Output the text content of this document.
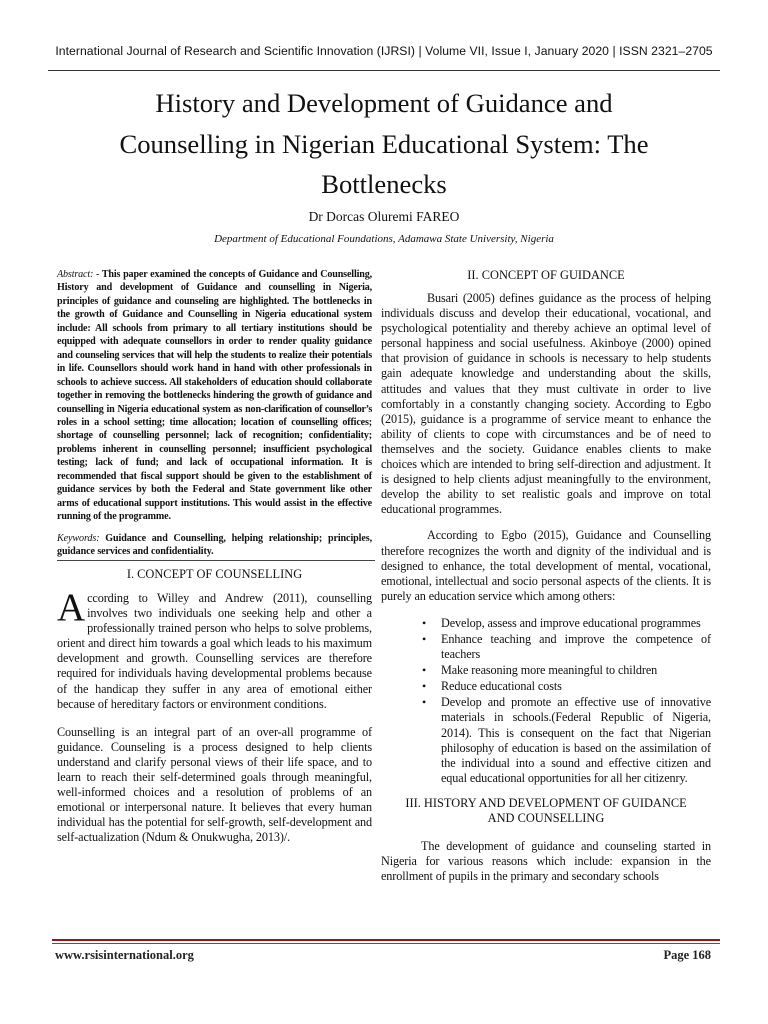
International Journal of Research and Scientific Innovation (IJRSI) | Volume VII, Issue I, January 2020 | ISSN 2321–2705
History and Development of Guidance and
Counselling in Nigerian Educational System: The
Bottlenecks
Dr Dorcas Oluremi FAREO
Department of Educational Foundations, Adamawa State University, Nigeria

Abstract: - This paper examined the concepts of Guidance and Counselling, History and development of Guidance and counselling in Nigeria, principles of guidance and counseling are highlighted. The bottlenecks in the growth of Guidance and Counselling in Nigeria educational system include: All schools from primary to all tertiary institutions should be equipped with adequate counsellors in order to render quality guidance and counseling services that will help the students to realize their potentials in life. Counsellors should work hand in hand with other professionals in schools to achieve success. All stakeholders of education should collaborate together in removing the bottlenecks hindering the growth of guidance and counselling in Nigeria educational system as non-clarification of counsellor’s roles in a school setting; time allocation; location of counselling offices; shortage of counselling personnel; lack of recognition; confidentiality; problems inherent in counselling personnel; insufficient psychological testing; lack of fund; and lack of occupational information. It is recommended that fiscal support should be given to the establishment of guidance services by both the Federal and State government like other arms of educational support institutions. This would assist in the effective running of the programme.

Keywords: Guidance and Counselling, helping relationship; principles, guidance services and confidentiality.

I. CONCEPT OF COUNSELLING

According to Willey and Andrew (2011), counselling involves two individuals one seeking help and other a professionally trained person who helps to solve problems, orient and direct him towards a goal which leads to his maximum development and growth. Counselling services are therefore required for individuals having developmental problems because of the handicap they suffer in any area of emotional either because of hereditary factors or environment conditions.

Counselling is an integral part of an over-all programme of guidance. Counseling is a process designed to help clients understand and clarify personal views of their life space, and to learn to reach their self-determined goals through meaningful, well-informed choices and a resolution of problems of an emotional or interpersonal nature. It believes that every human individual has the potential for self-growth, self-development and self-actualization (Ndum & Onukwugha, 2013)/.

II. CONCEPT OF GUIDANCE

Busari (2005) defines guidance as the process of helping individuals discuss and develop their educational, vocational, and psychological potentiality and thereby achieve an optimal level of personal happiness and social usefulness. Akinboye (2000) opined that provision of guidance in schools is necessary to help students gain adequate knowledge and understanding about the skills, attitudes and values that they must cultivate in order to live comfortably in a constantly changing society. According to Egbo (2015), guidance is a programme of service meant to enhance the ability of clients to cope with circumstances and be of need to themselves and the society. Guidance enables clients to make choices which are intended to bring self-direction and adjustment. It is designed to help clients adjust meaningfully to the environment, develop the ability to set realistic goals and improve on total educational programmes.

According to Egbo (2015), Guidance and Counselling therefore recognizes the worth and dignity of the individual and is designed to enhance, the total development of mental, vocational, emotional, intellectual and socio personal aspects of the clients. It is purely an education service which among others:

• Develop, assess and improve educational programmes
• Enhance teaching and improve the competence of teachers
• Make reasoning more meaningful to children
• Reduce educational costs
• Develop and promote an effective use of innovative materials in schools.(Federal Republic of Nigeria, 2014). This is consequent on the fact that Nigerian philosophy of education is based on the assimilation of the individual into a sound and effective citizen and equal educational opportunities for all her citizenry.
III. HISTORY AND DEVELOPMENT OF GUIDANCE
AND COUNSELLING

The development of guidance and counseling started in Nigeria for various reasons which include: expansion in the enrollment of pupils in the primary and secondary schools

www.rsisinternational.org	Page 168
